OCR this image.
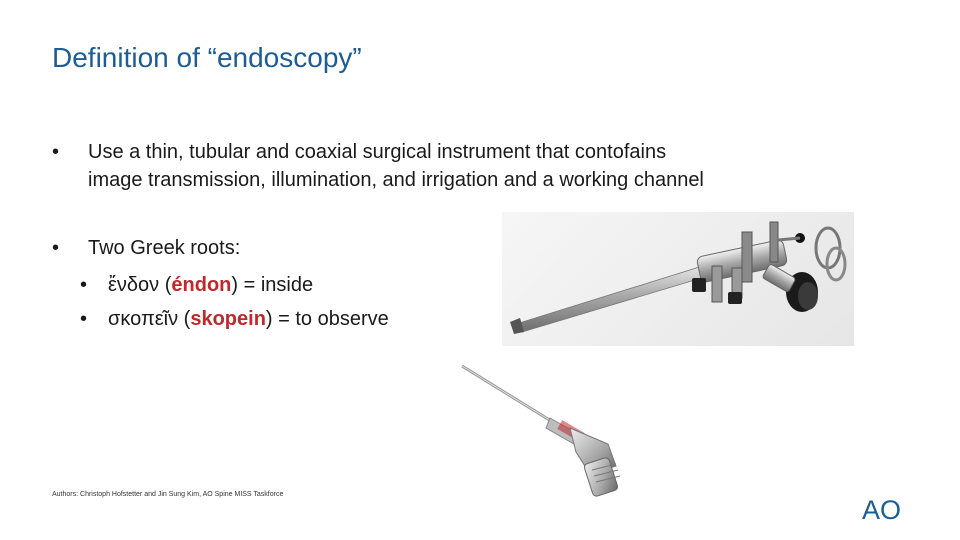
Definition of “endoscopy”
• Use a thin, tubular and coaxial surgical instrument that contofains
image transmission, illumination, and irrigation and a working channel
• Two Greek roots:
• ἔνδον (éndon) = inside
• σκοπεῖν (skopein) = to observe
Authors: Christoph Hofstetter and Jin Sung Kim, AO Spine MISS Taskforce
AO
